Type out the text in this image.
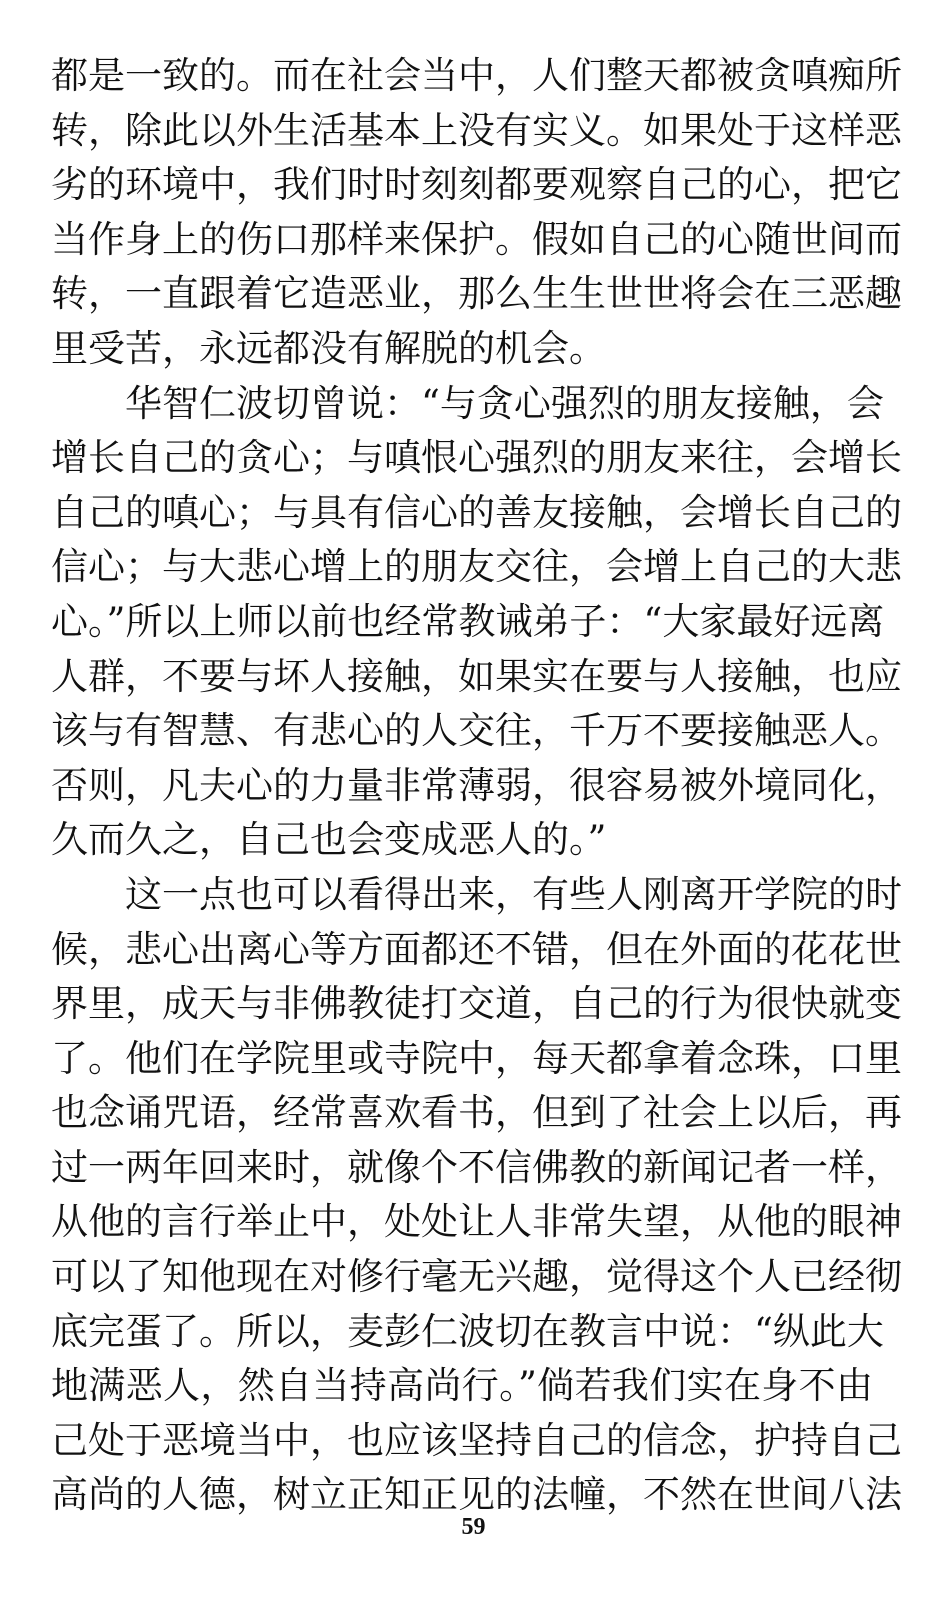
都是一致的。而在社会当中，人们整天都被贪嗔痴所
转，除此以外生活基本上没有实义。如果处于这样恶
劣的环境中，我们时时刻刻都要观察自己的心，把它
当作身上的伤口那样来保护。假如自己的心随世间而
转，一直跟着它造恶业，那么生生世世将会在三恶趣
里受苦，永远都没有解脱的机会。
华智仁波切曾说：“与贪心强烈的朋友接触，会
增长自己的贪心；与嗔恨心强烈的朋友来往，会增长
自己的嗔心；与具有信心的善友接触，会增长自己的
信心；与大悲心增上的朋友交往，会增上自己的大悲
心。”所以上师以前也经常教诫弟子：“大家最好远离
人群，不要与坏人接触，如果实在要与人接触，也应
该与有智慧、有悲心的人交往，千万不要接触恶人。
否则，凡夫心的力量非常薄弱，很容易被外境同化，
久而久之，自己也会变成恶人的。”
这一点也可以看得出来，有些人刚离开学院的时
候，悲心出离心等方面都还不错，但在外面的花花世
界里，成天与非佛教徒打交道，自己的行为很快就变
了。他们在学院里或寺院中，每天都拿着念珠，口里
也念诵咒语，经常喜欢看书，但到了社会上以后，再
过一两年回来时，就像个不信佛教的新闻记者一样，
从他的言行举止中，处处让人非常失望，从他的眼神
可以了知他现在对修行毫无兴趣，觉得这个人已经彻
底完蛋了。所以，麦彭仁波切在教言中说：“纵此大
地满恶人，然自当持高尚行。”倘若我们实在身不由
己处于恶境当中，也应该坚持自己的信念，护持自己
高尚的人德，树立正知正见的法幢，不然在世间八法
59
